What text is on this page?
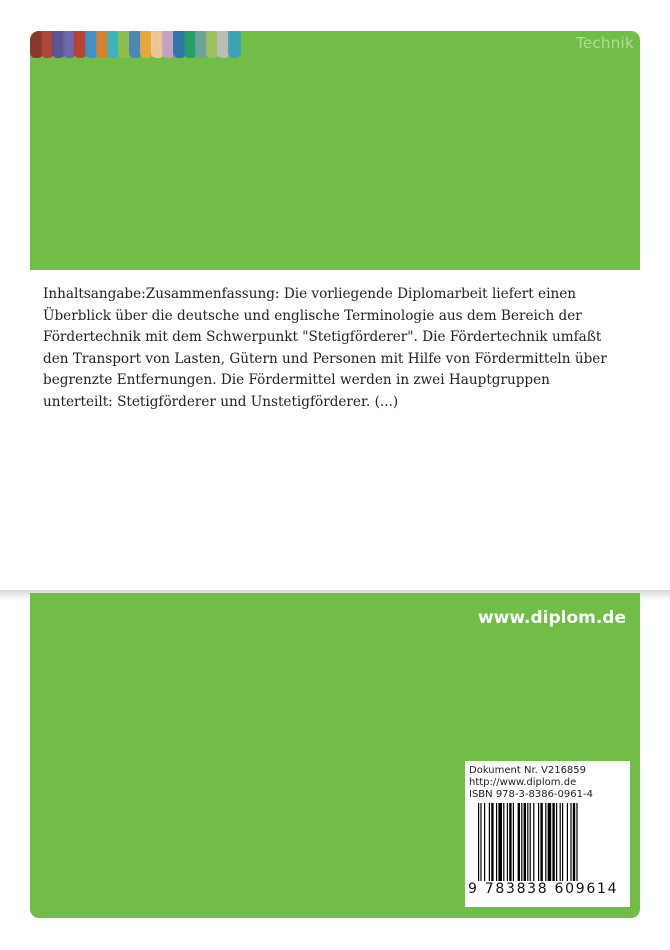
Technik

Inhaltsangabe:Zusammenfassung: Die vorliegende Diplomarbeit liefert einen Überblick über die deutsche und englische Terminologie aus dem Bereich der Fördertechnik mit dem Schwerpunkt "Stetigförderer". Die Fördertechnik umfaßt den Transport von Lasten, Gütern und Personen mit Hilfe von Fördermitteln über begrenzte Entfernungen. Die Fördermittel werden in zwei Hauptgruppen unterteilt: Stetigförderer und Unstetigförderer. (...)

www.diplom.de
Dokument Nr. V216859
http://www.diplom.de
ISBN 978-3-8386-0961-4
9 783838 609614
